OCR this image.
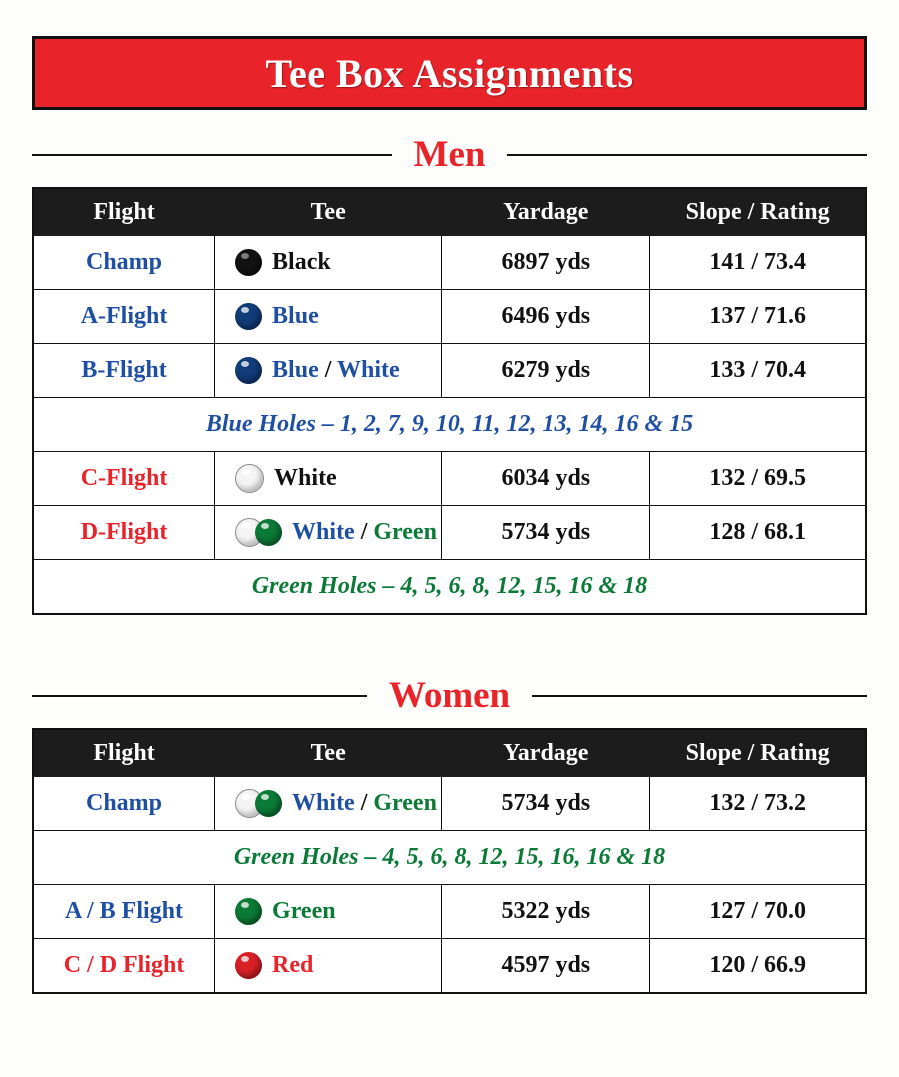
Tee Box Assignments
Men
Flight	Tee	Yardage	Slope / Rating
Champ	Black	6897 yds	141 / 73.4
A-Flight	Blue	6496 yds	137 / 71.6
B-Flight	Blue / White	6279 yds	133 / 70.4
Blue Holes – 1, 2, 7, 9, 10, 11, 12, 13, 14, 16 & 15			
C-Flight	White	6034 yds	132 / 69.5
D-Flight	White / Green	5734 yds	128 / 68.1
Green Holes – 4, 5, 6, 8, 12, 15, 16 & 18			
Women
Flight	Tee	Yardage	Slope / Rating
Champ	White / Green	5734 yds	132 / 73.2
Green Holes – 4, 5, 6, 8, 12, 15, 16, 16 & 18			
A / B Flight	Green	5322 yds	127 / 70.0
C / D Flight	Red	4597 yds	120 / 66.9
